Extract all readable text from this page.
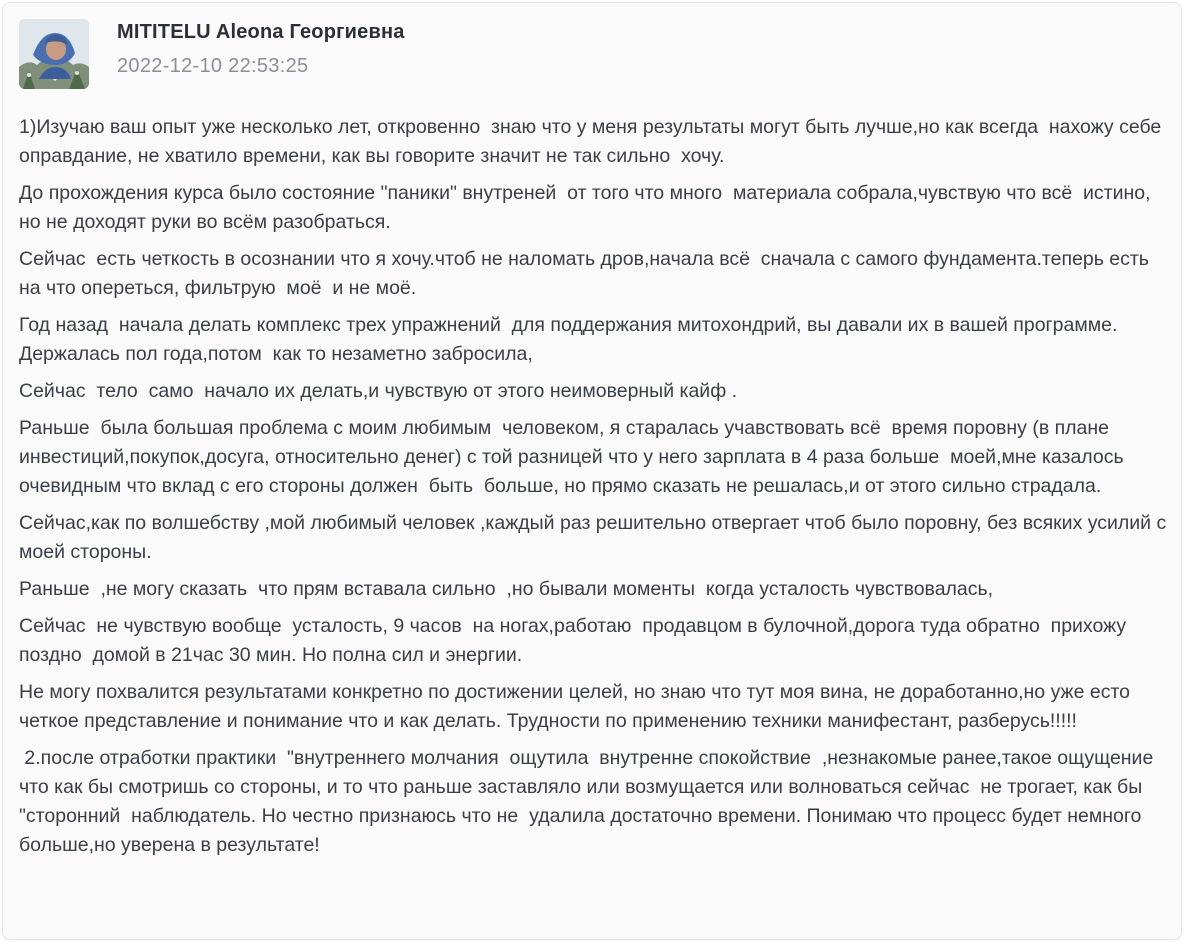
MITITELU Aleona Георгиевна
2022-12-10 22:53:25

1)Изучаю ваш опыт уже несколько лет, откровенно  знаю что у меня результаты могут быть лучше,но как всегда  нахожу себе оправдание, не хватило времени, как вы говорите значит не так сильно  хочу.

До прохождения курса было состояние "паники" внутреней  от того что много  материала собрала,чувствую что всё  истино, но не доходят руки во всём разобраться.

Сейчас  есть четкость в осознании что я хочу.чтоб не наломать дров,начала всё  сначала с самого фундамента.теперь есть на что опереться, фильтрую  моё  и не моё.

Год назад  начала делать комплекс трех упражнений  для поддержания митохондрий, вы давали их в вашей программе. Держалась пол года,потом  как то незаметно забросила,

Сейчас  тело  само  начало их делать,и чувствую от этого неимоверный кайф .

Раньше  была большая проблема с моим любимым  человеком, я старалась учавствовать всё  время поровну (в плане инвестиций,покупок,досуга, относительно денег) с той разницей что у него зарплата в 4 раза больше  моей,мне казалось очевидным что вклад с его стороны должен  быть  больше, но прямо сказать не решалась,и от этого сильно страдала.

Сейчас,как по волшебству ,мой любимый человек ,каждый раз решительно отвергает чтоб было поровну, без всяких усилий с моей стороны.

Раньше  ,не могу сказать  что прям вставала сильно  ,но бывали моменты  когда усталость чувствовалась,

Сейчас  не чувствую вообще  усталость, 9 часов  на ногах,работаю  продавцом в булочной,дорога туда обратно  прихожу поздно  домой в 21час 30 мин. Но полна сил и энергии.

Не могу похвалится результатами конкретно по достижении целей, но знаю что тут моя вина, не доработанно,но уже есто четкое представление и понимание что и как делать. Трудности по применению техники манифестант, разберусь!!!!!

2.после отработки практики  "внутреннего молчания  ощутила  внутренне спокойствие  ,незнакомые ранее,такое ощущение  что как бы смотришь со стороны, и то что раньше заставляло или возмущается или волноваться сейчас  не трогает, как бы "сторонний  наблюдатель. Но честно признаюсь что не  удалила достаточно времени. Понимаю что процесс будет немного больше,но уверена в результате!
